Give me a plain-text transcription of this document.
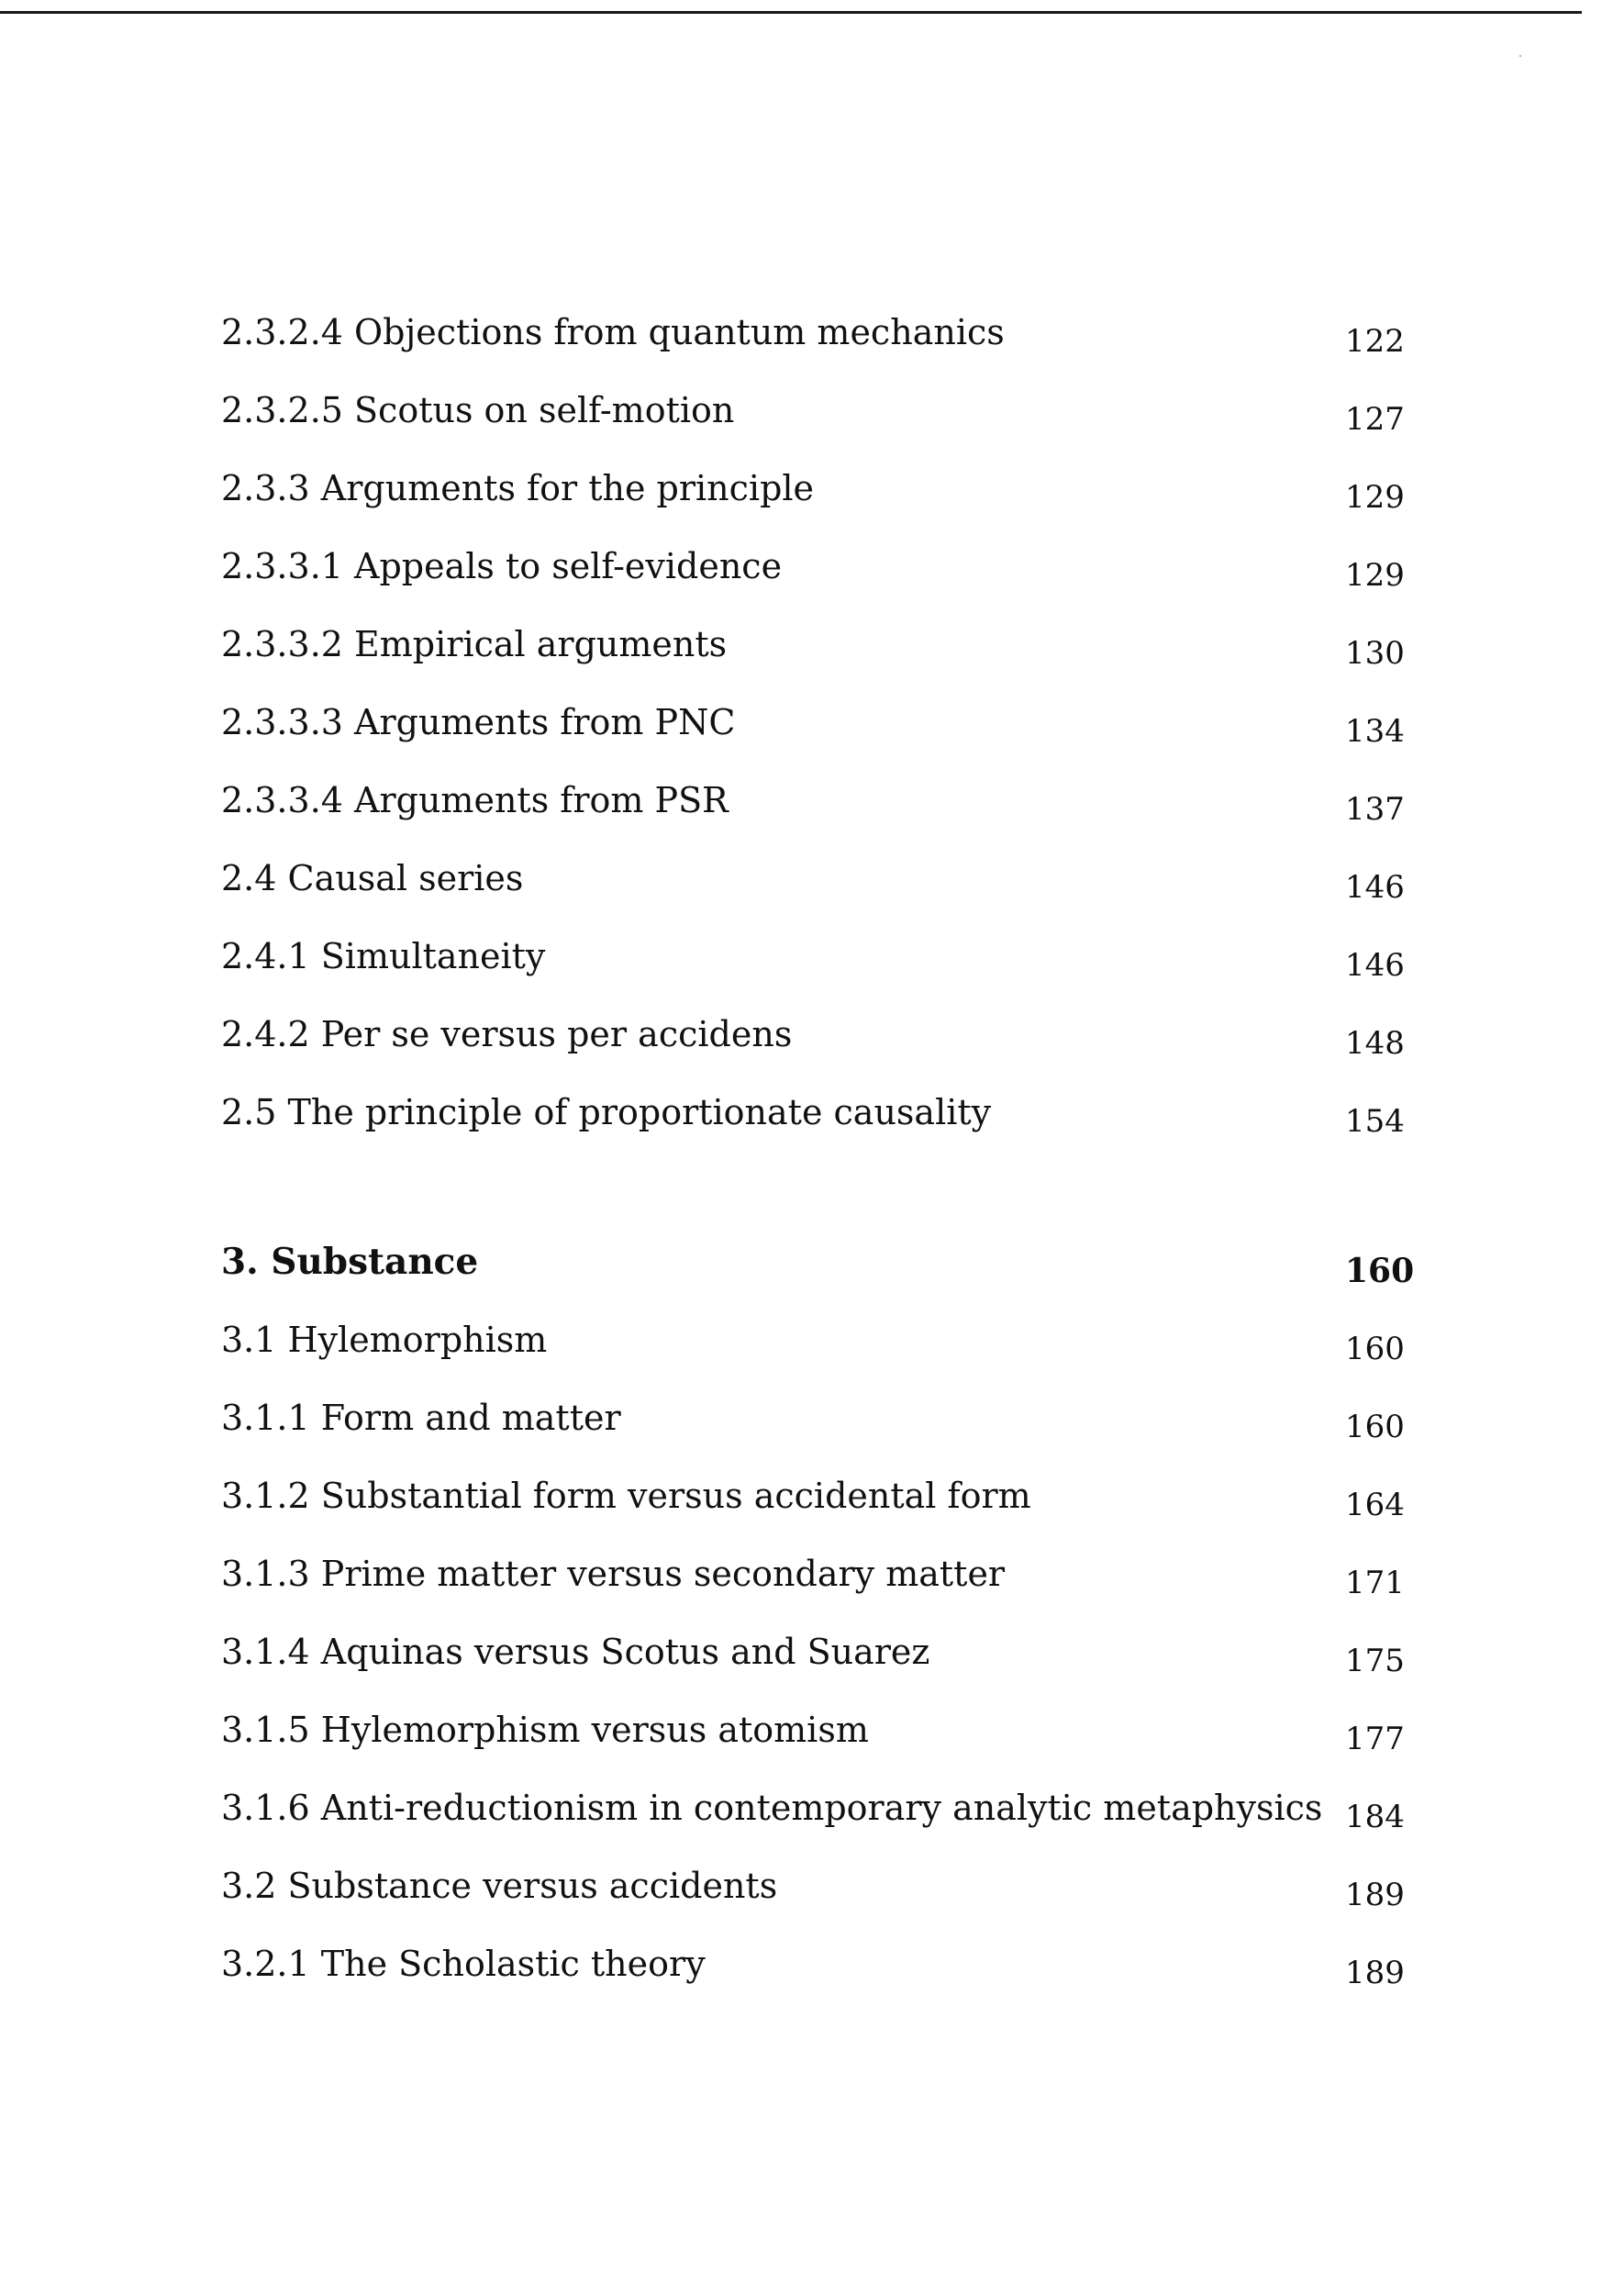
2.3.2.4 Objections from quantum mechanics	122
2.3.2.5 Scotus on self-motion	127
2.3.3 Arguments for the principle	129
2.3.3.1 Appeals to self-evidence	129
2.3.3.2 Empirical arguments	130
2.3.3.3 Arguments from PNC	134
2.3.3.4 Arguments from PSR	137
2.4 Causal series	146
2.4.1 Simultaneity	146
2.4.2 Per se versus per accidens	148
2.5 The principle of proportionate causality	154
3. Substance	160
3.1 Hylemorphism	160
3.1.1 Form and matter	160
3.1.2 Substantial form versus accidental form	164
3.1.3 Prime matter versus secondary matter	171
3.1.4 Aquinas versus Scotus and Suarez	175
3.1.5 Hylemorphism versus atomism	177
3.1.6 Anti-reductionism in contemporary analytic metaphysics 184
3.2 Substance versus accidents	189
3.2.1 The Scholastic theory	189
